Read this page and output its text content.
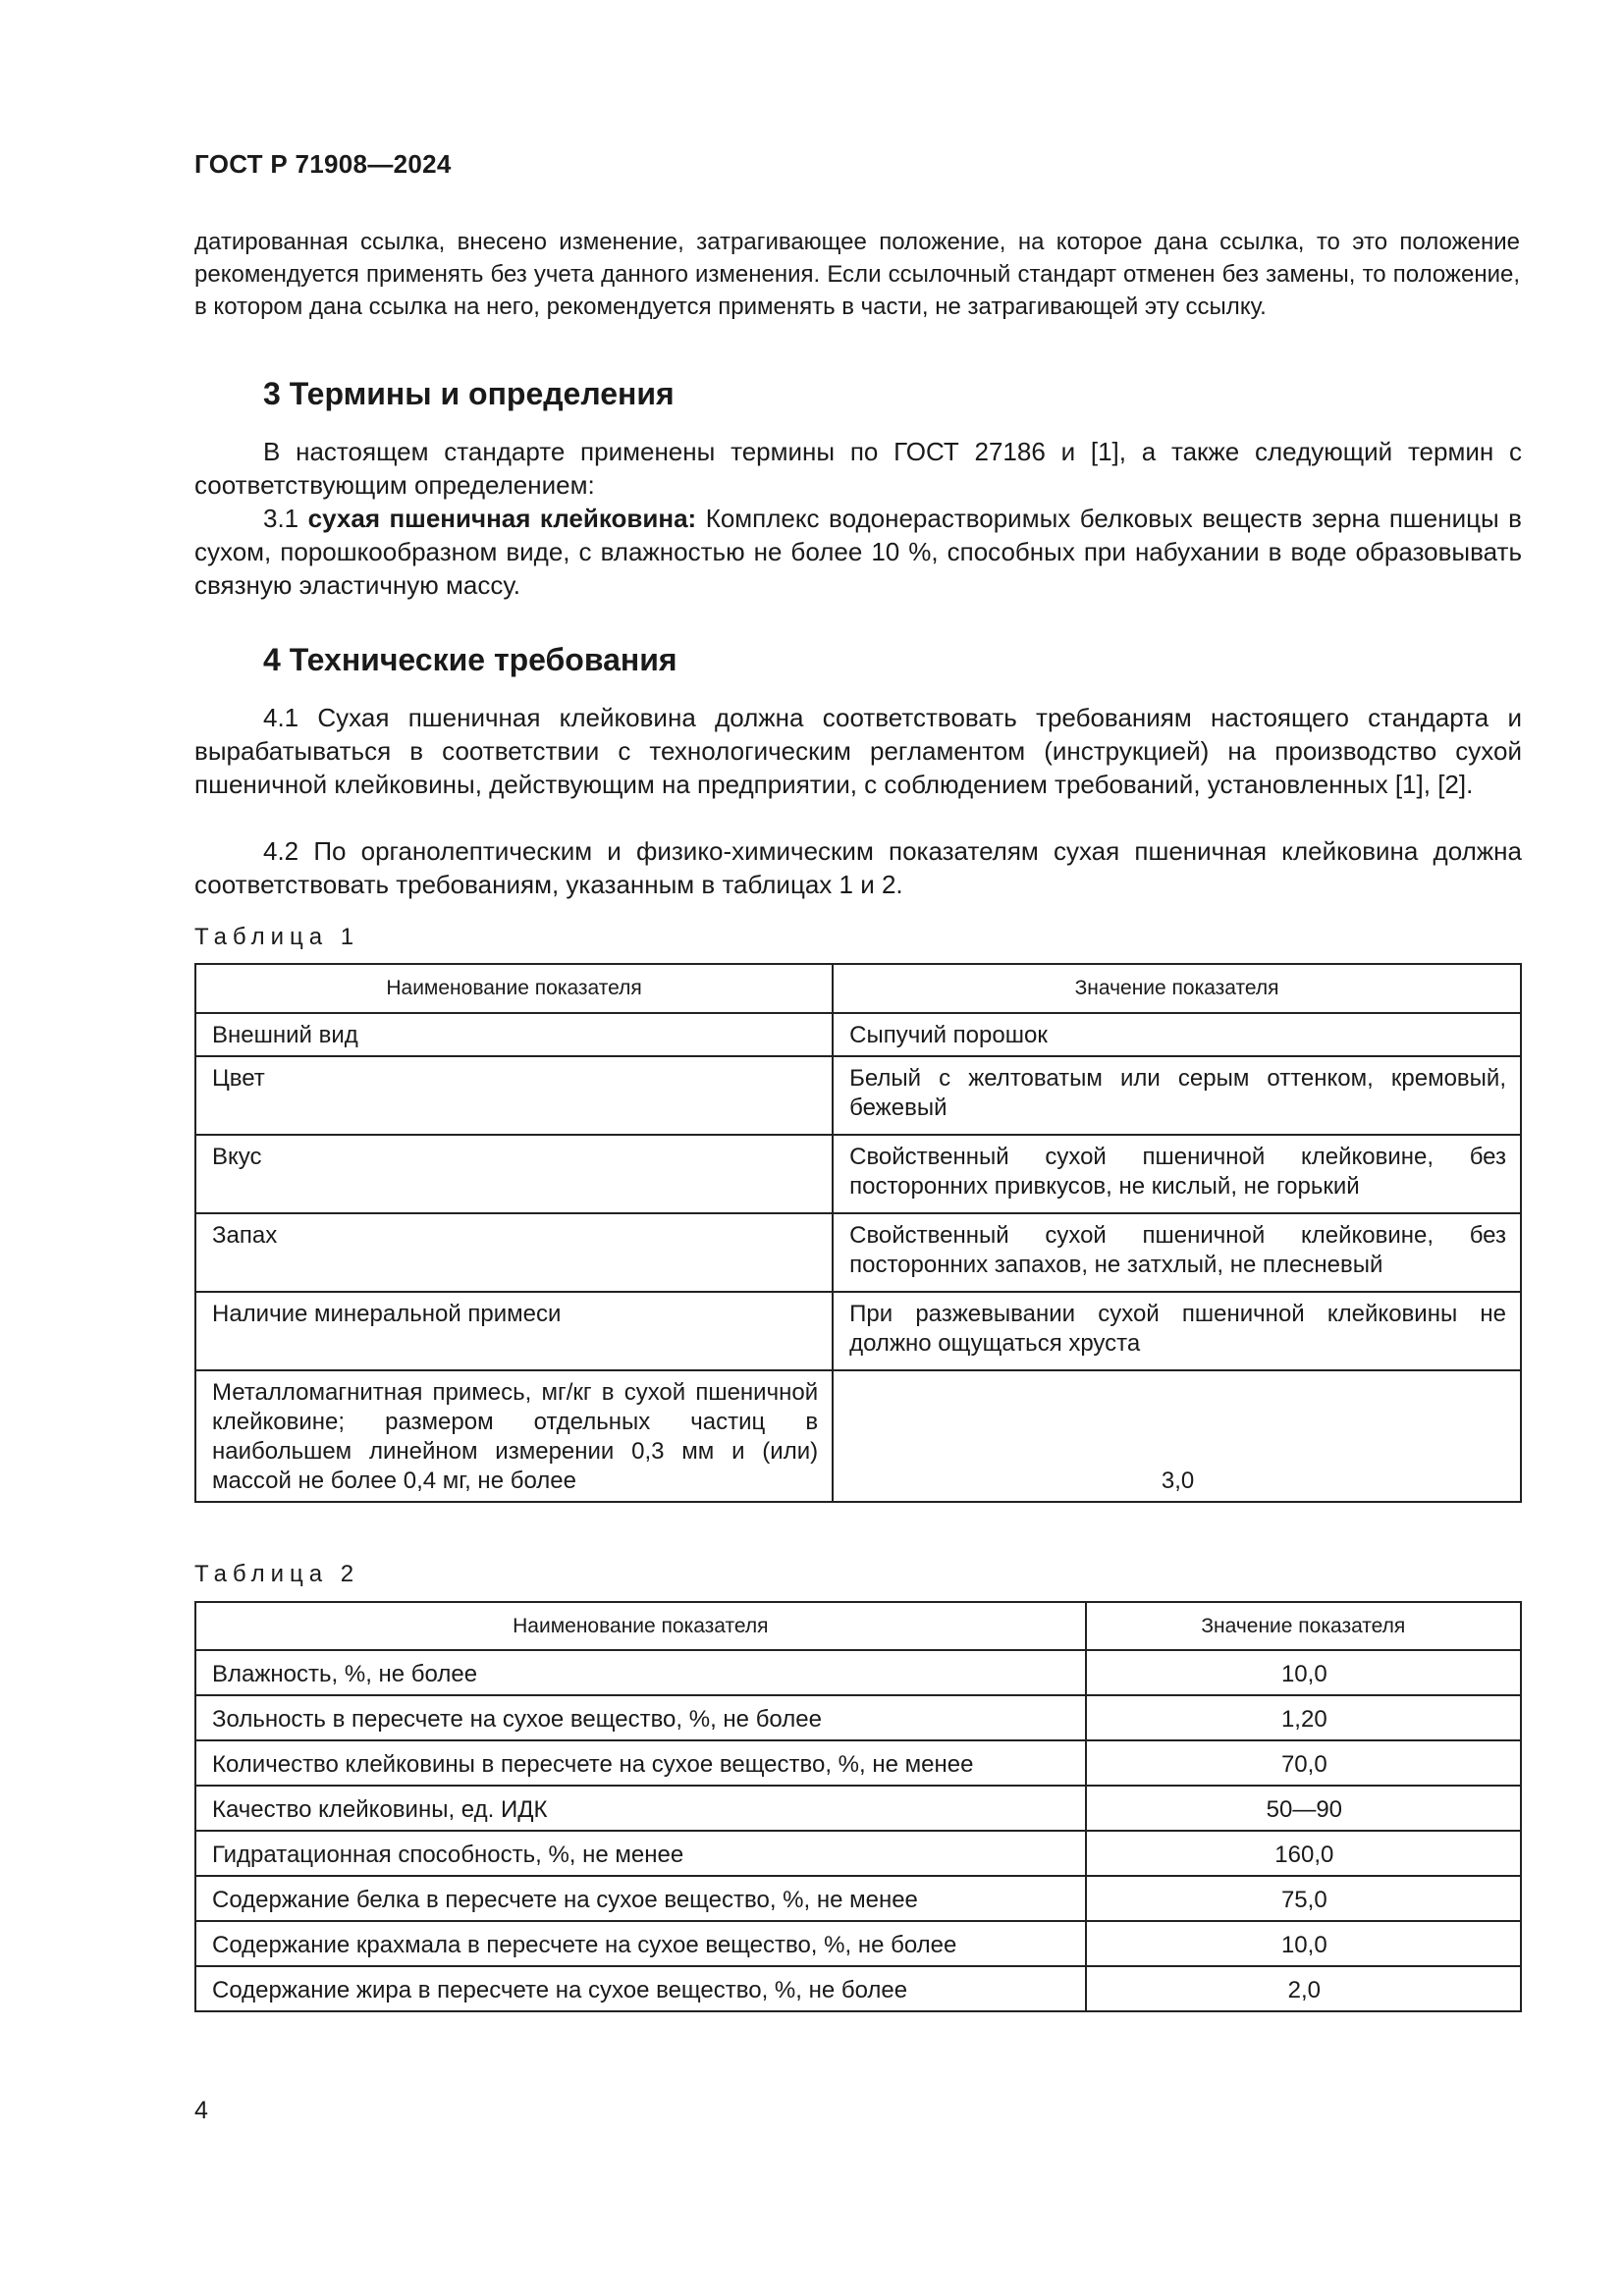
ГОСТ Р 71908—2024
датированная ссылка, внесено изменение, затрагивающее положение, на которое дана ссылка, то это положение рекомендуется применять без учета данного изменения. Если ссылочный стандарт отменен без замены, то положение, в котором дана ссылка на него, рекомендуется применять в части, не затрагивающей эту ссылку.
3 Термины и определения

В настоящем стандарте применены термины по ГОСТ 27186 и [1], а также следующий термин с соответствующим определением:

3.1 сухая пшеничная клейковина: Комплекс водонерастворимых белковых веществ зерна пшеницы в сухом, порошкообразном виде, с влажностью не более 10 %, способных при набухании в воде образовывать связную эластичную массу.

4 Технические требования

4.1 Сухая пшеничная клейковина должна соответствовать требованиям настоящего стандарта и вырабатываться в соответствии с технологическим регламентом (инструкцией) на производство сухой пшеничной клейковины, действующим на предприятии, с соблюдением требований, установленных [1], [2].

4.2 По органолептическим и физико-химическим показателям сухая пшеничная клейковина должна соответствовать требованиям, указанным в таблицах 1 и 2.

Таблица 1
Наименование показателя	Значение показателя
Внешний вид	Сыпучий порошок
Цвет	Белый с желтоватым или серым оттенком, кремовый, бежевый
Вкус	Свойственный сухой пшеничной клейковине, без посторонних привкусов, не кислый, не горький
Запах	Свойственный сухой пшеничной клейковине, без посторонних запахов, не затхлый, не плесневый
Наличие минеральной примеси	При разжевывании сухой пшеничной клейковины не должно ощущаться хруста
Металломагнитная примесь, мг/кг в сухой пшеничной клейковине; размером отдельных частиц в наибольшем линейном измерении 0,3 мм и (или) массой не более 0,4 мг, не более	3,0
Таблица 2
Наименование показателя	Значение показателя
Влажность, %, не более	10,0
Зольность в пересчете на сухое вещество, %, не более	1,20
Количество клейковины в пересчете на сухое вещество, %, не менее	70,0
Качество клейковины, ед. ИДК	50—90
Гидратационная способность, %, не менее	160,0
Содержание белка в пересчете на сухое вещество, %, не менее	75,0
Содержание крахмала в пересчете на сухое вещество, %, не более	10,0
Содержание жира в пересчете на сухое вещество, %, не более	2,0
4
